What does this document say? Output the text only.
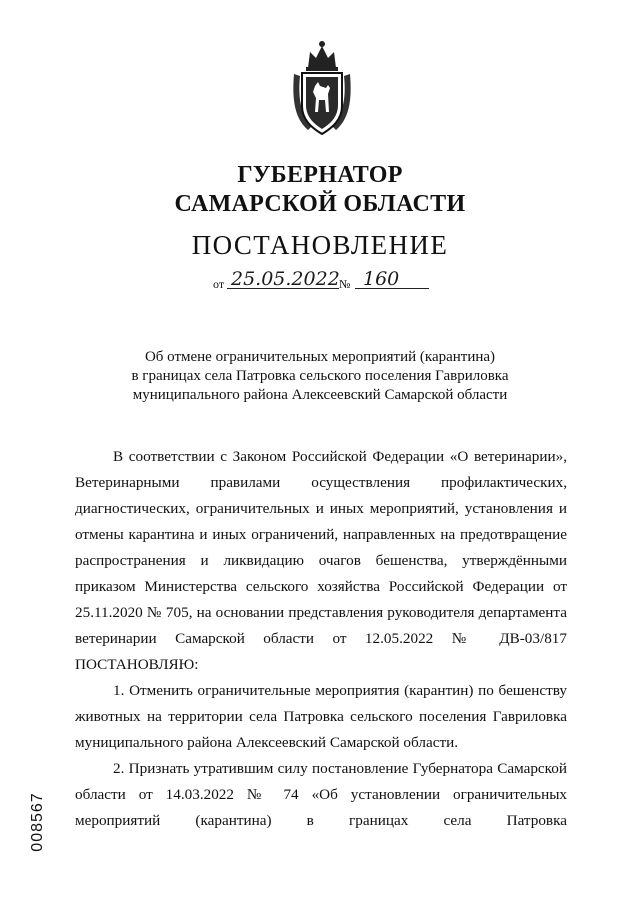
ГУБЕРНАТОР
САМАРСКОЙ ОБЛАСТИ
ПОСТАНОВЛЕНИЕ
от 25.05.2022 № 160
Об отмене ограничительных мероприятий (карантина)
в границах села Патровка сельского поселения Гавриловка
муниципального района Алексеевский Самарской области
В соответствии с Законом Российской Федерации «О ветеринарии», Ветеринарными правилами осуществления профилактических, диагностических, ограничительных и иных мероприятий, установления и отмены карантина и иных ограничений, направленных на предотвращение распространения и ликвидацию очагов бешенства, утверждёнными приказом Министерства сельского хозяйства Российской Федерации от 25.11.2020 № 705, на основании представления руководителя департамента ветеринарии Самарской области от 12.05.2022 № ДВ-03/817
ПОСТАНОВЛЯЮ:
1. Отменить ограничительные мероприятия (карантин) по бешенству животных на территории села Патровка сельского поселения Гавриловка муниципального района Алексеевский Самарской области.
2. Признать утратившим силу постановление Губернатора Самарской области от 14.03.2022 № 74 «Об установлении ограничительных мероприятий (карантина) в границах села Патровка
008567
